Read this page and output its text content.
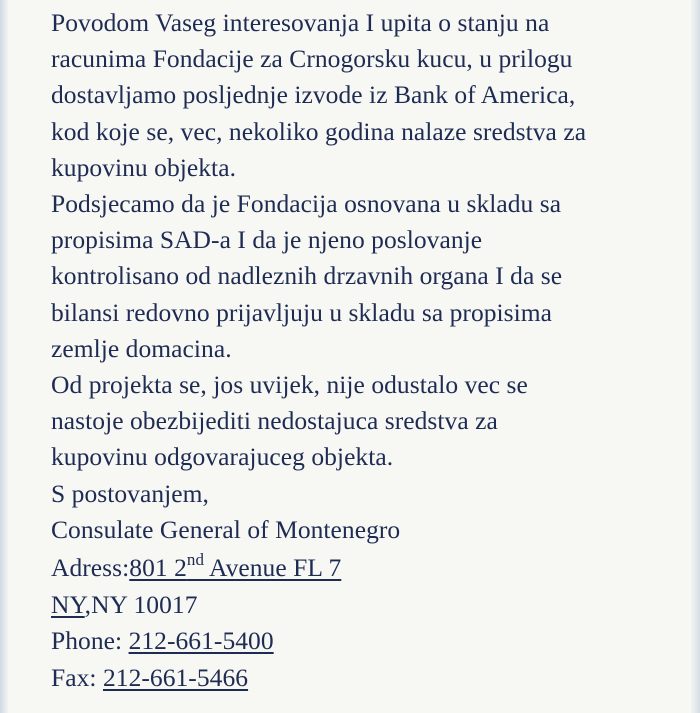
Povodom Vaseg interesovanja I upita o stanju na
racunima Fondacije za Crnogorsku kucu, u prilogu
dostavljamo posljednje izvode iz Bank of America,
kod koje se, vec, nekoliko godina nalaze sredstva za
kupovinu objekta.
Podsjecamo da je Fondacija osnovana u skladu sa
propisima SAD-a I da je njeno poslovanje
kontrolisano od nadleznih drzavnih organa I da se
bilansi redovno prijavljuju u skladu sa propisima
zemlje domacina.
Od projekta se, jos uvijek, nije odustalo vec se
nastoje obezbijediti nedostajuca sredstva za
kupovinu odgovarajuceg objekta.
S postovanjem,
Consulate General of Montenegro
Adress:801 2nd Avenue FL 7
NY,NY 10017
Phone: 212-661-5400
Fax: 212-661-5466
